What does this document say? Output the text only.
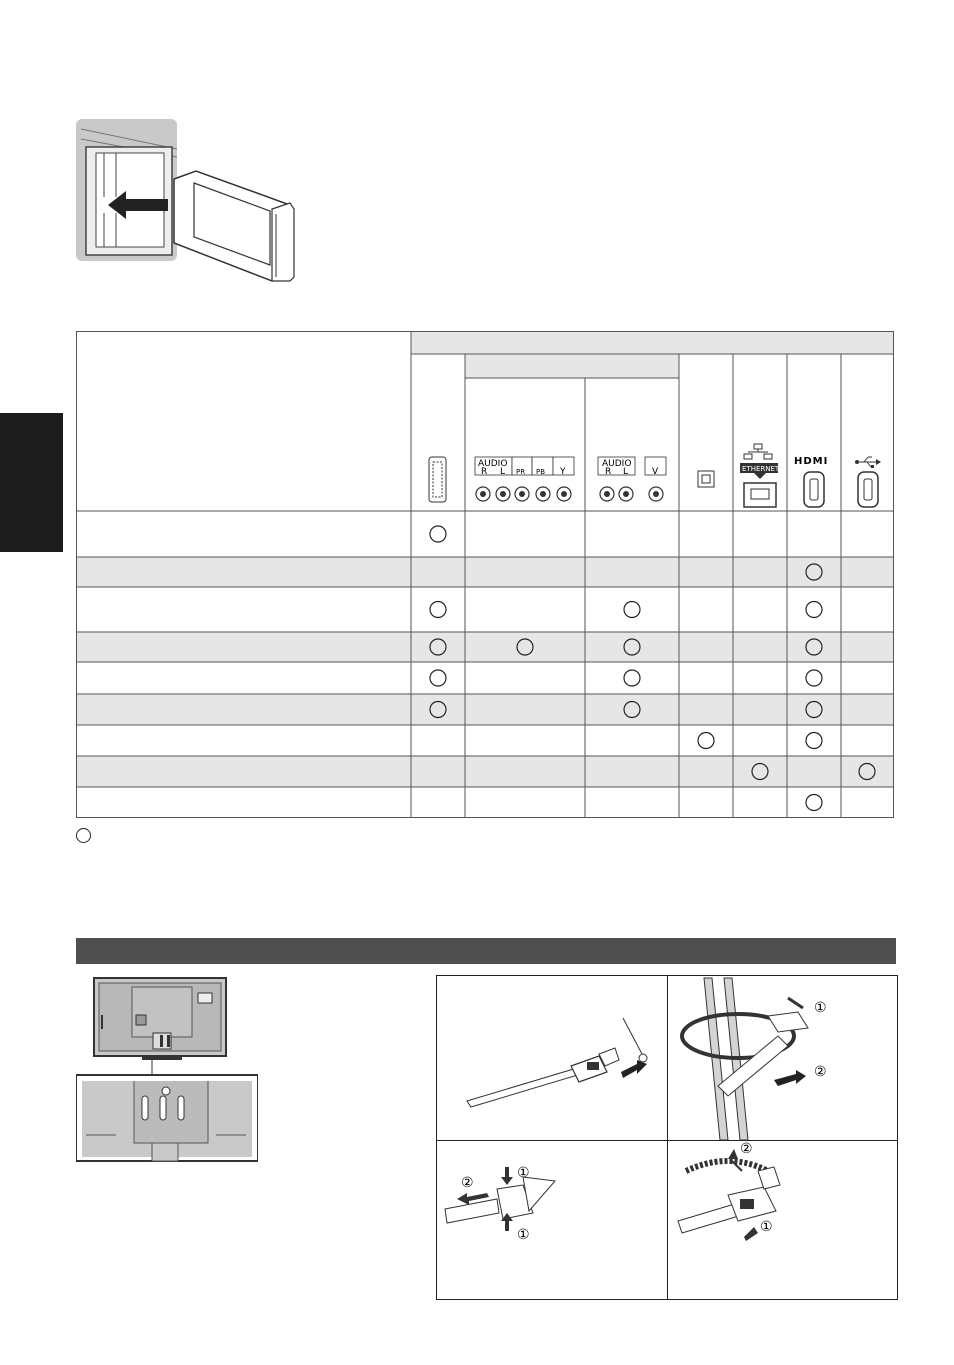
AUDIO
R L PR PB Y
AUDIO
R L	V	ETHERNET
HDMI
①
②
①
②
①
②
①
